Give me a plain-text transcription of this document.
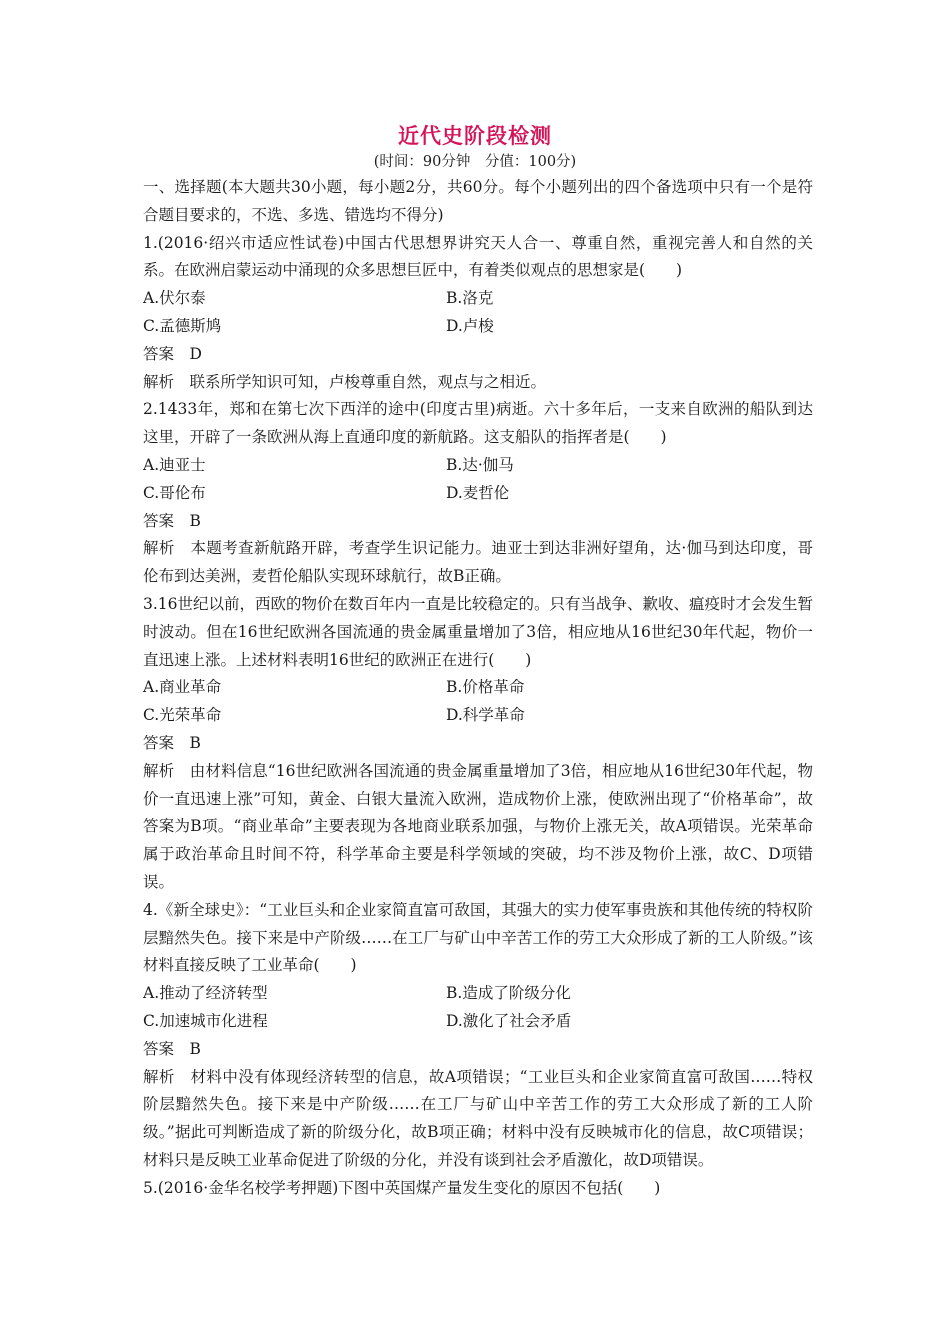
近代史阶段检测
(时间：90分钟　分值：100分)

一、选择题(本大题共30小题，每小题2分，共60分。每个小题列出的四个备选项中只有一个是符合题目要求的，不选、多选、错选均不得分)

1.(2016·绍兴市适应性试卷)中国古代思想界讲究天人合一、尊重自然，重视完善人和自然的关系。在欧洲启蒙运动中涌现的众多思想巨匠中，有着类似观点的思想家是(　　)

A.伏尔泰	B.洛克
C.孟德斯鸠	D.卢梭

答案　D

解析　联系所学知识可知，卢梭尊重自然，观点与之相近。

2.1433年，郑和在第七次下西洋的途中(印度古里)病逝。六十多年后，一支来自欧洲的船队到达这里，开辟了一条欧洲从海上直通印度的新航路。这支船队的指挥者是(　　)

A.迪亚士	B.达·伽马
C.哥伦布	D.麦哲伦

答案　B

解析　本题考查新航路开辟，考查学生识记能力。迪亚士到达非洲好望角，达·伽马到达印度，哥伦布到达美洲，麦哲伦船队实现环球航行，故B正确。

3.16世纪以前，西欧的物价在数百年内一直是比较稳定的。只有当战争、歉收、瘟疫时才会发生暂时波动。但在16世纪欧洲各国流通的贵金属重量增加了3倍，相应地从16世纪30年代起，物价一直迅速上涨。上述材料表明16世纪的欧洲正在进行(　　)

A.商业革命	B.价格革命
C.光荣革命	D.科学革命

答案　B

解析　由材料信息“16世纪欧洲各国流通的贵金属重量增加了3倍，相应地从16世纪30年代起，物价一直迅速上涨”可知，黄金、白银大量流入欧洲，造成物价上涨，使欧洲出现了“价格革命”，故答案为B项。“商业革命”主要表现为各地商业联系加强，与物价上涨无关，故A项错误。光荣革命属于政治革命且时间不符，科学革命主要是科学领域的突破，均不涉及物价上涨，故C、D项错误。

4.《新全球史》：“工业巨头和企业家简直富可敌国，其强大的实力使军事贵族和其他传统的特权阶层黯然失色。接下来是中产阶级……在工厂与矿山中辛苦工作的劳工大众形成了新的工人阶级。”该材料直接反映了工业革命(　　)

A.推动了经济转型	B.造成了阶级分化
C.加速城市化进程	D.激化了社会矛盾

答案　B

解析　材料中没有体现经济转型的信息，故A项错误；“工业巨头和企业家简直富可敌国……特权阶层黯然失色。接下来是中产阶级……在工厂与矿山中辛苦工作的劳工大众形成了新的工人阶级。”据此可判断造成了新的阶级分化，故B项正确；材料中没有反映城市化的信息，故C项错误；材料只是反映工业革命促进了阶级的分化，并没有谈到社会矛盾激化，故D项错误。

5.(2016·金华名校学考押题)下图中英国煤产量发生变化的原因不包括(　　)
